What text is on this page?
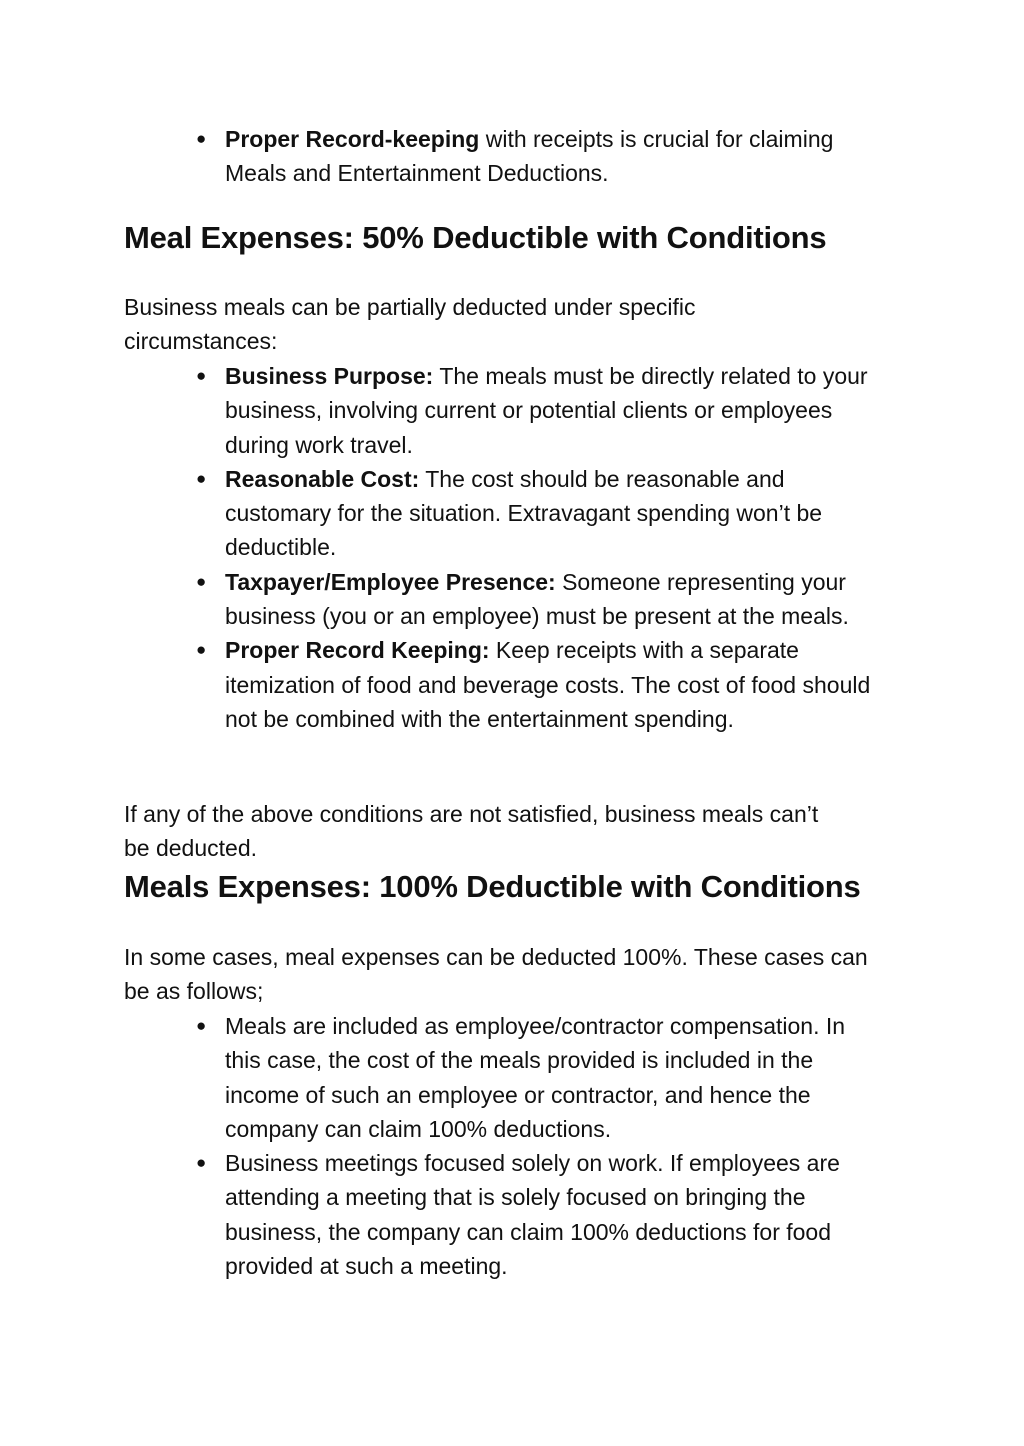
● Proper Record-keeping with receipts is crucial for claiming Meals and Entertainment Deductions.
Meal Expenses: 50% Deductible with Conditions

Business meals can be partially deducted under specific circumstances:

● Business Purpose: The meals must be directly related to your business, involving current or potential clients or employees during work travel.
● Reasonable Cost: The cost should be reasonable and customary for the situation. Extravagant spending won’t be deductible.
● Taxpayer/Employee Presence: Someone representing your business (you or an employee) must be present at the meals.
● Proper Record Keeping: Keep receipts with a separate itemization of food and beverage costs. The cost of food should not be combined with the entertainment spending.

If any of the above conditions are not satisfied, business meals can’t be deducted.

Meals Expenses: 100% Deductible with Conditions

In some cases, meal expenses can be deducted 100%. These cases can be as follows;

● Meals are included as employee/contractor compensation. In this case, the cost of the meals provided is included in the income of such an employee or contractor, and hence the company can claim 100% deductions.
● Business meetings focused solely on work. If employees are attending a meeting that is solely focused on bringing the business, the company can claim 100% deductions for food provided at such a meeting.
